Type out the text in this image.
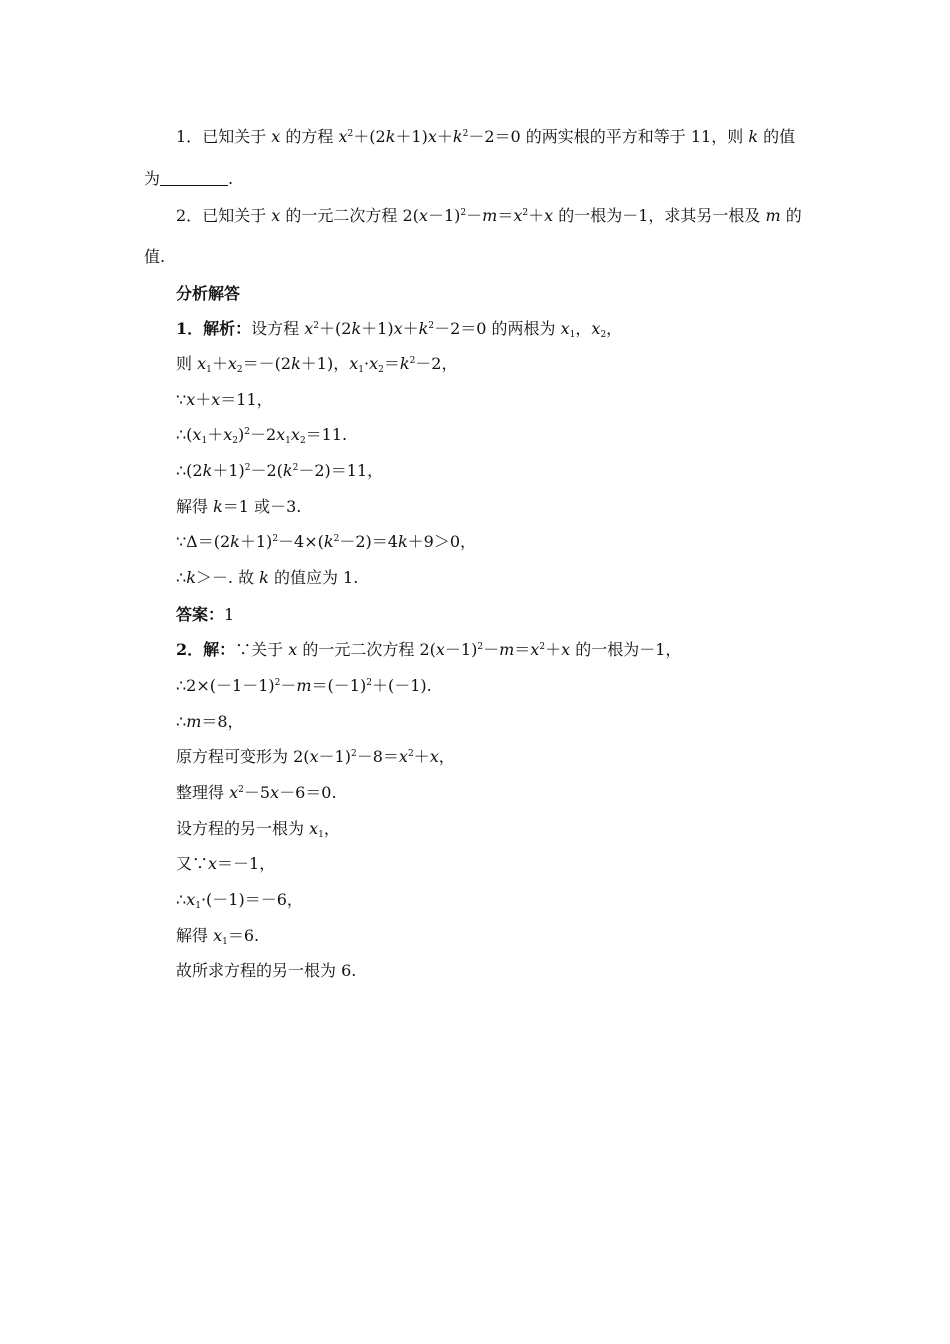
1．已知关于 x 的方程 $x^2+(2k+1)x+k^2-2=0$ 的两实根的平方和等于 11，则 k 的值
为	.
2．已知关于 x 的一元二次方程 $2(x-1)^2-m=x^2+x$ 的一根为－1，求其另一根及 m 的
值.
分析解答
1．解析：设方程 $x^2+(2k+1)x+k^2-2=0$ 的两根为 $x_1$，$x_2$，
则 $x_1+x_2=-(2k+1)$，$x_1\cdot x_2=k^2-2$，
∵x＋x＝11，
$\therefore(x_1+x_2)^2-2x_1x_2=11$.
$\therefore(2k+1)^2-2(k^2-2)=11$，
解得 k＝1 或－3.
$\because\Delta=(2k+1)^2-4\times(k^2-2)=4k+9>0$，
∴k＞－. 故 k 的值应为 1.
答案：1
2．解：∵关于 x 的一元二次方程 $2(x-1)^2-m=x^2+x$ 的一根为－1，
$\therefore 2\times(-1-1)^2-m=(-1)^2+(-1)$.
∴m＝8，
原方程可变形为 $2(x-1)^2-8=x^2+x$，
整理得 $x^2-5x-6=0$.
设方程的另一根为 $x_1$，
又∵x＝－1，
$\therefore x_1\cdot(-1)=-6$，
解得 $x_1=6$.
故所求方程的另一根为 6.
